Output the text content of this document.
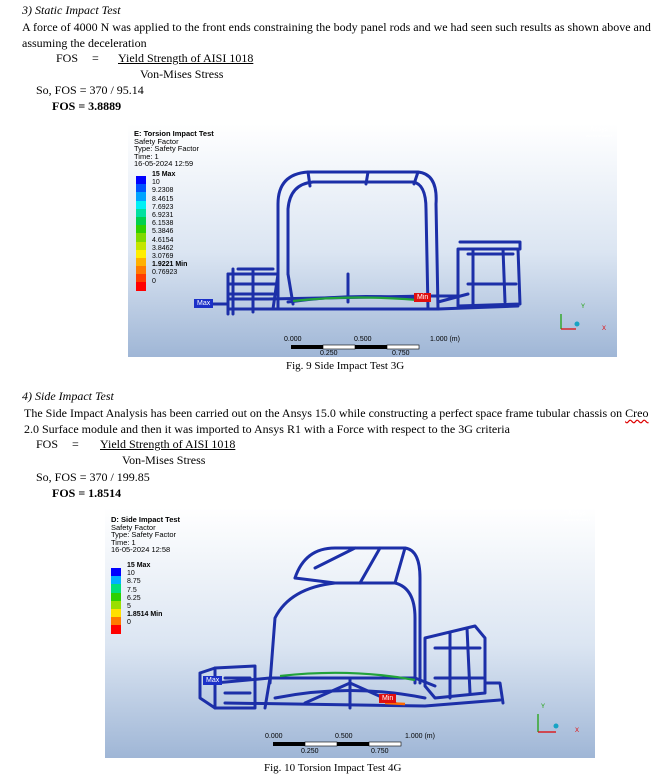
3) Static Impact Test
A force of 4000 N was applied to the front ends constraining the body panel rods and we had seen such results as shown above and assuming the deceleration
FOS = Yield Strength of AISI 1018
Von-Mises Stress
So, FOS = 370 / 95.14
FOS = 3.8889
Ansys
2024 R1 STUDENT
E: Torsion Impact Test
Safety Factor
Type: Safety Factor
Time: 1
16-05-2024 12:59
15 Max
10
9.2308
8.4615
7.6923
6.9231
6.1538
5.3846
4.6154
3.8462
3.0769
1.9221 Min
0.76923
0
Max
Min
Y
X
0.000	0.500	1.000 (m)
0.250	0.750
Fig. 9 Side Impact Test 3G
4) Side Impact Test
The Side Impact Analysis has been carried out on the Ansys 15.0 while constructing a perfect space frame tubular chassis on Creo 2.0 Surface module and then it was imported to Ansys R1 with a Force with respect to the 3G criteria
FOS = Yield Strength of AISI 1018
Von-Mises Stress
So, FOS = 370 / 199.85
FOS = 1.8514
Ansys
2024 R1 STUDENT
D: Side Impact Test
Safety Factor
Type: Safety Factor
Time: 1
16-05-2024 12:58
15 Max
10
8.75
7.5
6.25
5
1.8514 Min
0
Max
Min
Y
X
0.000	0.500	1.000 (m)
0.250	0.750
Fig. 10 Torsion Impact Test 4G
